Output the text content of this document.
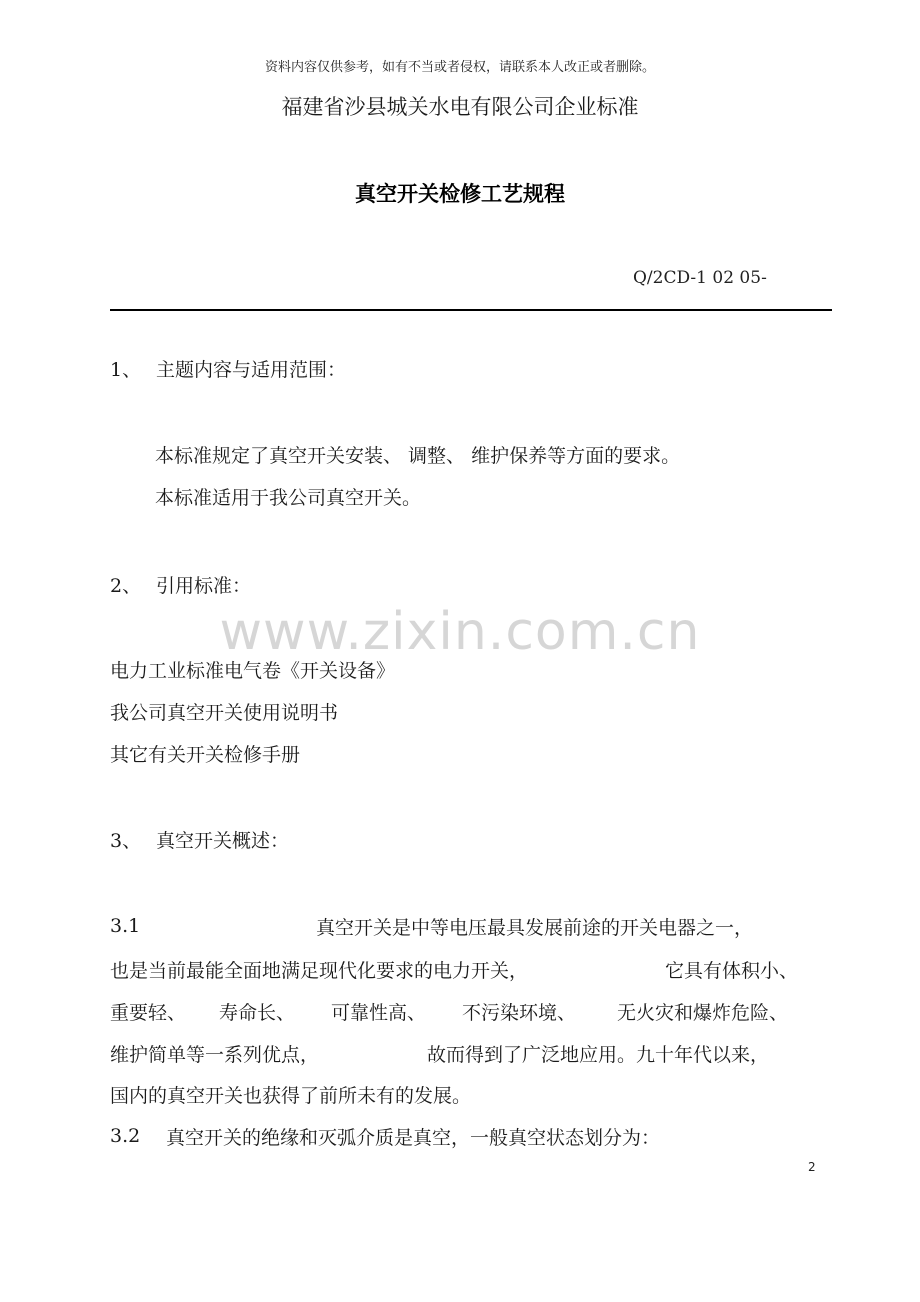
资料内容仅供参考，如有不当或者侵权，请联系本人改正或者删除。
福建省沙县城关水电有限公司企业标准
真空开关检修工艺规程
Q/2CD-1 02 05-
1、 主题内容与适用范围：
本标准规定了真空开关安装、 调整、 维护保养等方面的要求。
本标准适用于我公司真空开关。
2、 引用标准：
www.zixin.com.cn
电力工业标准电气卷《开关设备》
我公司真空开关使用说明书
其它有关开关检修手册
3、 真空开关概述：
3.1	真空开关是中等电压最具发展前途的开关电器之一，
也是当前最能全面地满足现代化要求的电力开关，	它具有体积小、
重要轻、 寿命长、 可靠性高、 不污染环境、 无火灾和爆炸危险、
维护简单等一系列优点，	故而得到了广泛地应用。九十年代以来，
国内的真空开关也获得了前所未有的发展。
3.2 真空开关的绝缘和灭弧介质是真空，一般真空状态划分为：
2
